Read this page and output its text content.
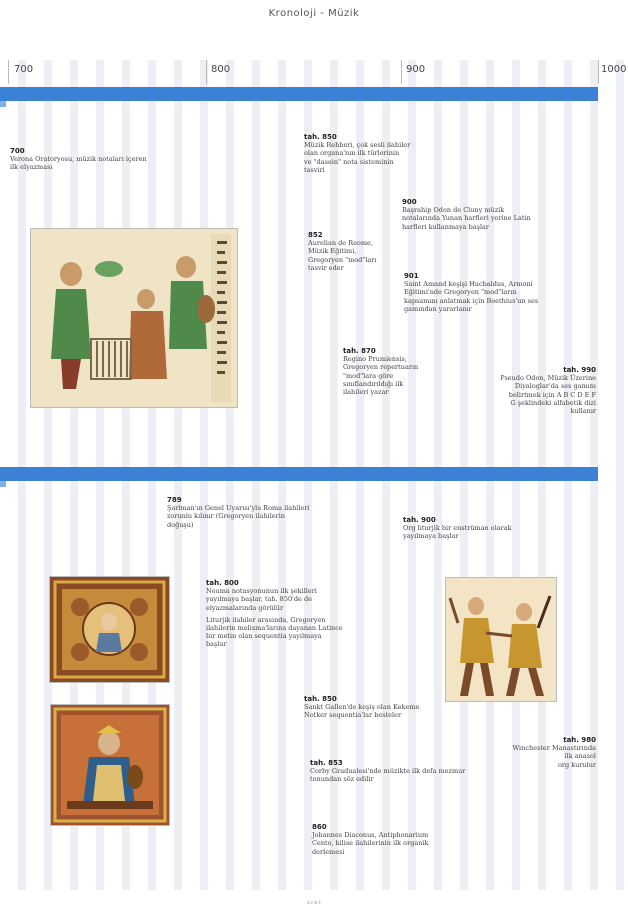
Kronoloji - Müzik
700	800	900	1000
700
Verona Oratoryosu, müzik notaları içeren
ilk elyazması
tah. 850
Müzik Rehberi, çok sesli ilahiler
olan organa'nın ilk türlerinin
ve "dasein" nota sisteminin
tasviri
900
Başrahip Odon de Cluny müzik
notalarında Yunan harfleri yerine Latin
harfleri kullanmaya başlar
852
Aurelian de Reome,
Müzik Eğitimi,
Gregoryen "mod"ları
tasvir eder
901
Saint Amand keşişi Hucbaldus, Armoni
Eğitimi'nde Gregoryen "mod"ların
kapsamını anlatmak için Boethius'un ses
gamından yararlanır
tah. 870
Regino Prumiensis,
Gregoryen repertuarın
"mod"lara göre
sınıflandırıldığı ilk
ilahileri yazar
tah. 990
Pseudo Odon, Müzik Üzerine
Diyaloglar'da ses gamını
belirtmek için A B C D E F
G şeklindeki alfabetik dizi
kullanır
789
Şarlman'ın Genel Uyarısı'yla Roma ilahileri
zorunlu kılınır (Gregoryen ilahilerin
doğuşu)
tah. 900
Org liturjik bir enstrüman olarak
yayılmaya başlar
tah. 800
Neuma notasyonunun ilk şekilleri
yayılmaya başlar, tah. 850'de de
elyazmalarında görülür
Liturjik ilahiler arasında, Gregoryen
ilahilerin melisma'larına dayanan Latince
bir metin olan sequentia yayılmaya
başlar
tah. 850
Sankt Gallen'de keşiş olan Kekeme
Notker sequentia'lar besteler
tah. 980
Winchester Manastırında
ilk anasol
org kurulur
tah. 853
Corby Gradualesi'nde müzikte ilk defa mezmur
tonundan söz edilir
860
Johannes Diaconus, Antiphonarium
Cento, kilise ilahilerinin ilk organik
derlemesi
s.r.e.t
